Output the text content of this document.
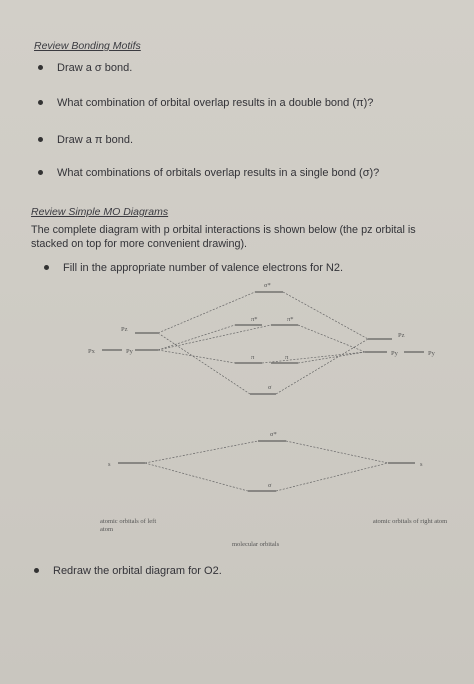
Review Bonding Motifs
Draw a σ bond.
What combination of orbital overlap results in a double bond (π)?
Draw a π bond.
What combinations of orbitals overlap results in a single bond (σ)?
Review Simple MO Diagrams
The complete diagram with p orbital interactions is shown below (the pz orbital is
stacked on top for more convenient drawing).
Fill in the appropriate number of valence electrons for N2.
σ*
π*	π*
Pz
Pz
Px	Py	Py	Py
π	π
σ
σ*
s	s
σ
atomic orbitals of left atom
molecular orbitals
atomic orbitals of right atom
Redraw the orbital diagram for O2.
